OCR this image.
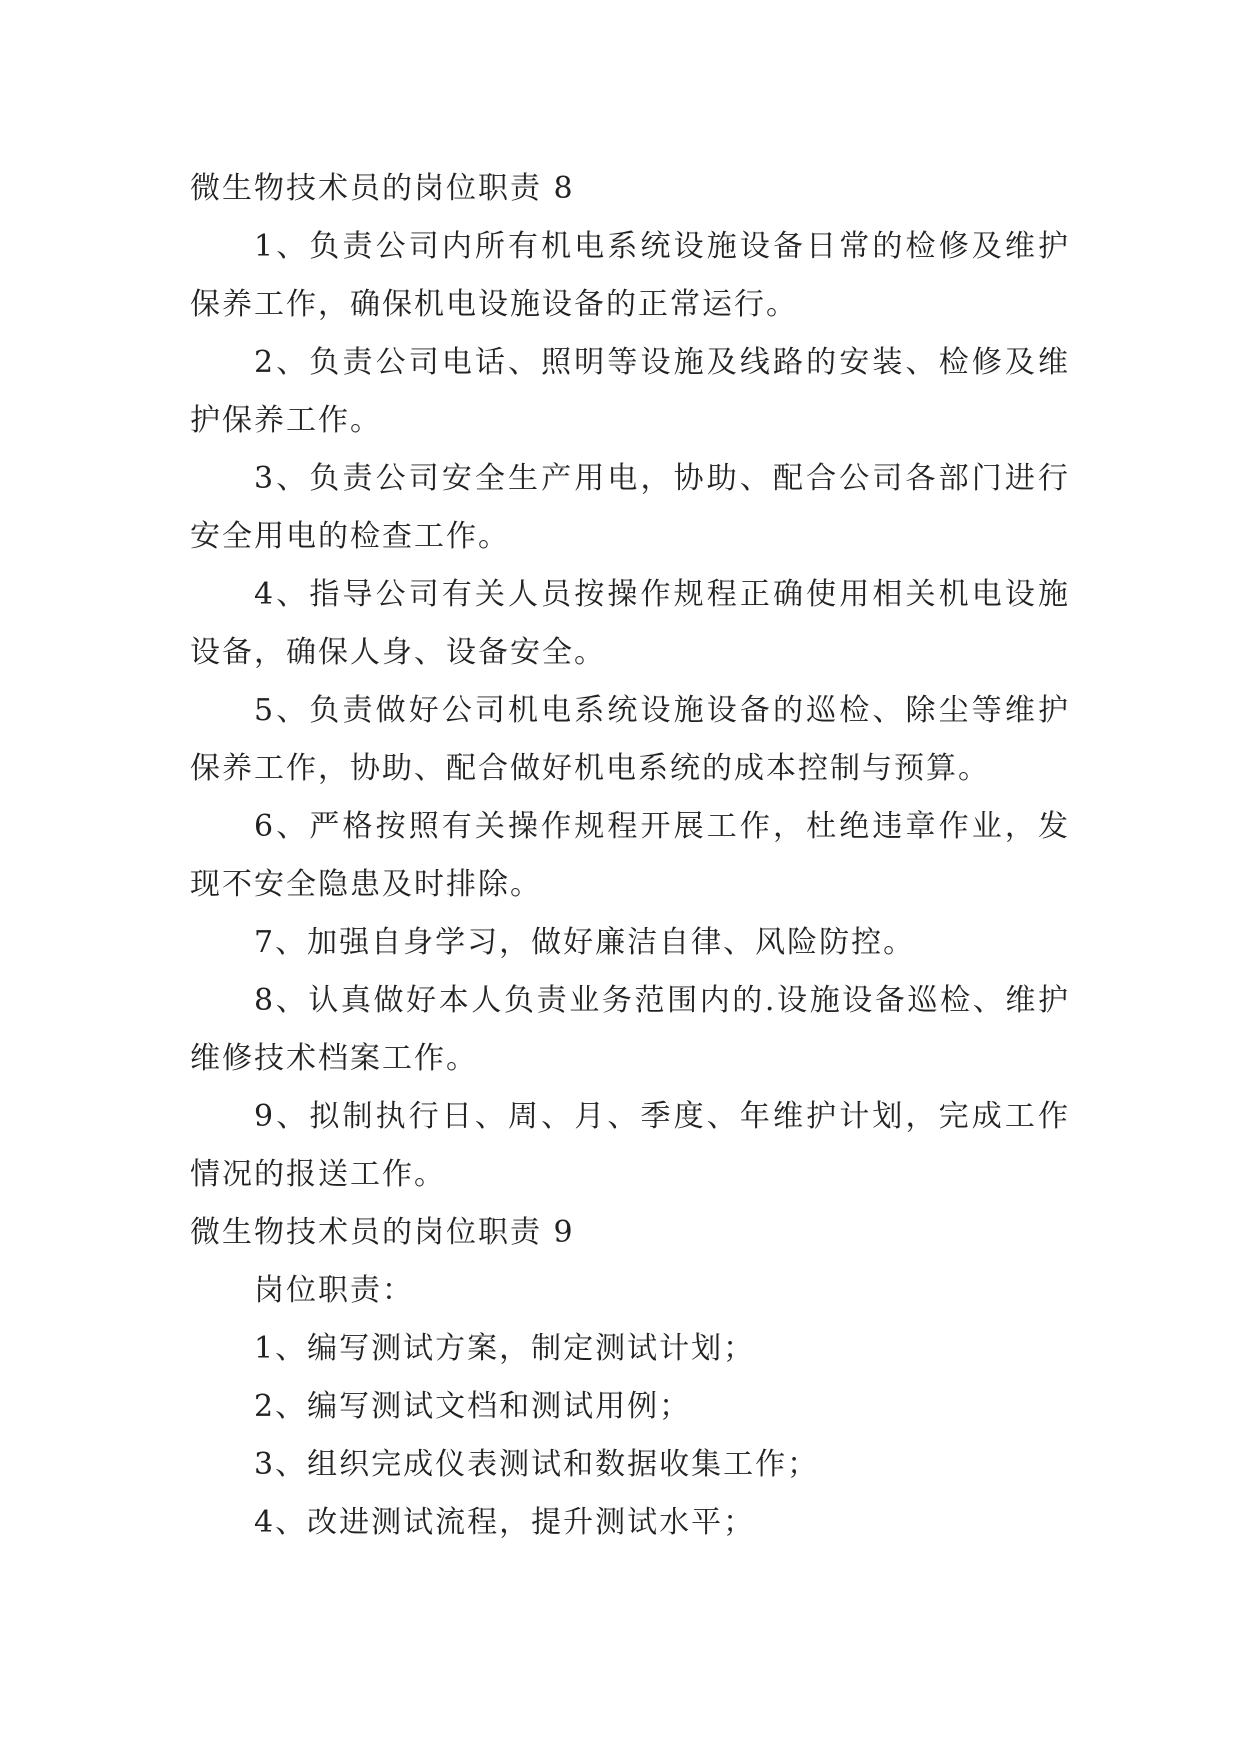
微生物技术员的岗位职责 8

1、负责公司内所有机电系统设施设备日常的检修及维护保养工作，确保机电设施设备的正常运行。

2、负责公司电话、照明等设施及线路的安装、检修及维护保养工作。

3、负责公司安全生产用电，协助、配合公司各部门进行安全用电的检查工作。

4、指导公司有关人员按操作规程正确使用相关机电设施设备，确保人身、设备安全。

5、负责做好公司机电系统设施设备的巡检、除尘等维护保养工作，协助、配合做好机电系统的成本控制与预算。

6、严格按照有关操作规程开展工作，杜绝违章作业，发现不安全隐患及时排除。

7、加强自身学习，做好廉洁自律、风险防控。

8、认真做好本人负责业务范围内的.设施设备巡检、维护维修技术档案工作。

9、拟制执行日、周、月、季度、年维护计划，完成工作情况的报送工作。

微生物技术员的岗位职责 9

岗位职责：

1、编写测试方案，制定测试计划；

2、编写测试文档和测试用例；

3、组织完成仪表测试和数据收集工作；

4、改进测试流程，提升测试水平；
